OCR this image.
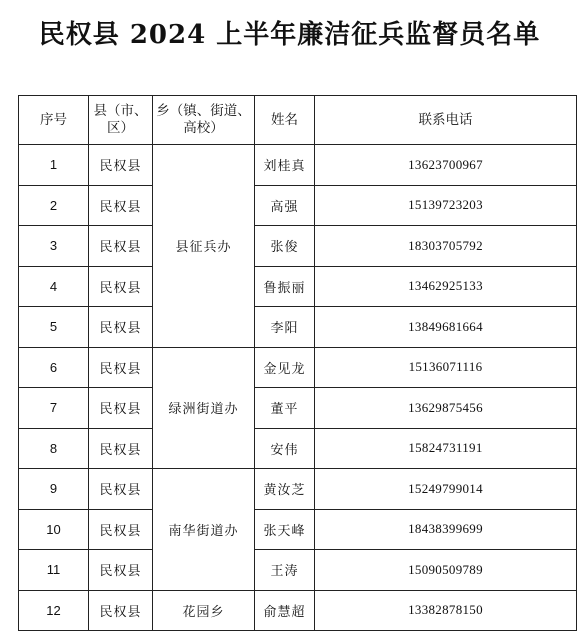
民权县 2024 上半年廉洁征兵监督员名单
序号	县（市、区）	乡（镇、街道、高校）	姓名	联系电话
1	民权县	县征兵办	刘桂真	13623700967
2	民权县		高强	15139723203
3	民权县		张俊	18303705792
4	民权县		鲁振丽	13462925133
5	民权县		李阳	13849681664
6	民权县	绿洲街道办	金见龙	15136071116
7	民权县		董平	13629875456
8	民权县		安伟	15824731191
9	民权县	南华街道办	黄汝芝	15249799014
10	民权县		张天峰	18438399699
11	民权县		王涛	15090509789
12	民权县	花园乡	俞慧超	13382878150
